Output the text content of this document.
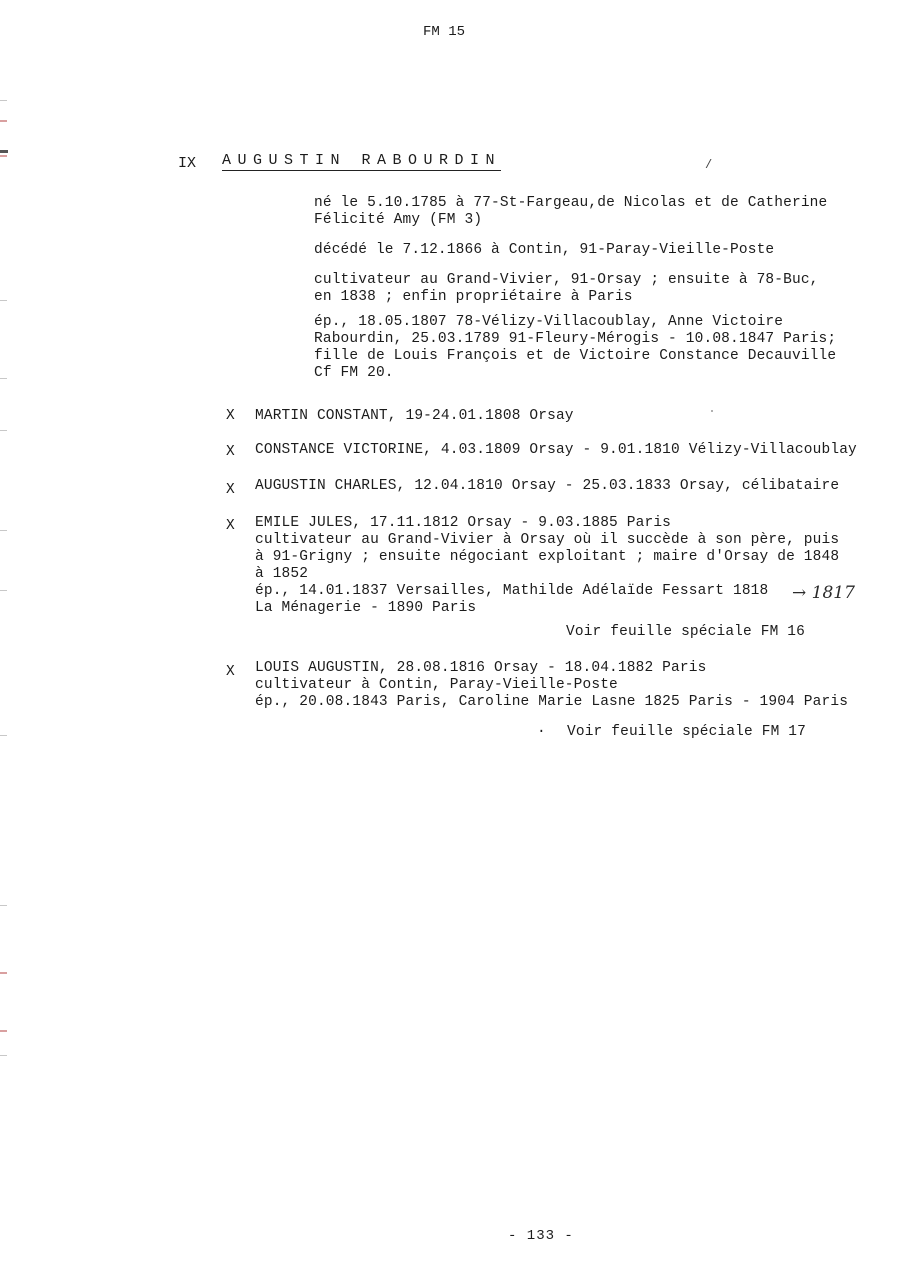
FM 15
IX AUGUSTIN RABOURDIN	/
né le 5.10.1785 à 77-St-Fargeau,de Nicolas et de Catherine
Félicité Amy (FM 3)
décédé le 7.12.1866 à Contin, 91-Paray-Vieille-Poste
cultivateur au Grand-Vivier, 91-Orsay ; ensuite à 78-Buc,
en 1838 ; enfin propriétaire à Paris
ép., 18.05.1807 78-Vélizy-Villacoublay, Anne Victoire
Rabourdin, 25.03.1789 91-Fleury-Mérogis - 10.08.1847 Paris;
fille de Louis François et de Victoire Constance Decauville
Cf FM 20.
X MARTIN CONSTANT, 19-24.01.1808 Orsay
X CONSTANCE VICTORINE, 4.03.1809 Orsay - 9.01.1810 Vélizy-Villacoublay
X AUGUSTIN CHARLES, 12.04.1810 Orsay - 25.03.1833 Orsay, célibataire
X EMILE JULES, 17.11.1812 Orsay - 9.03.1885 Paris
cultivateur au Grand-Vivier à Orsay où il succède à son père, puis
à 91-Grigny ; ensuite négociant exploitant ; maire d'Orsay de 1848
à 1852
ép., 14.01.1837 Versailles, Mathilde Adélaïde Fessart 1818
La Ménagerie - 1890 Paris
→ 1817
Voir feuille spéciale FM 16
X LOUIS AUGUSTIN, 28.08.1816 Orsay - 18.04.1882 Paris
cultivateur à Contin, Paray-Vieille-Poste
ép., 20.08.1843 Paris, Caroline Marie Lasne 1825 Paris - 1904 Paris
· Voir feuille spéciale FM 17
- 133 -
